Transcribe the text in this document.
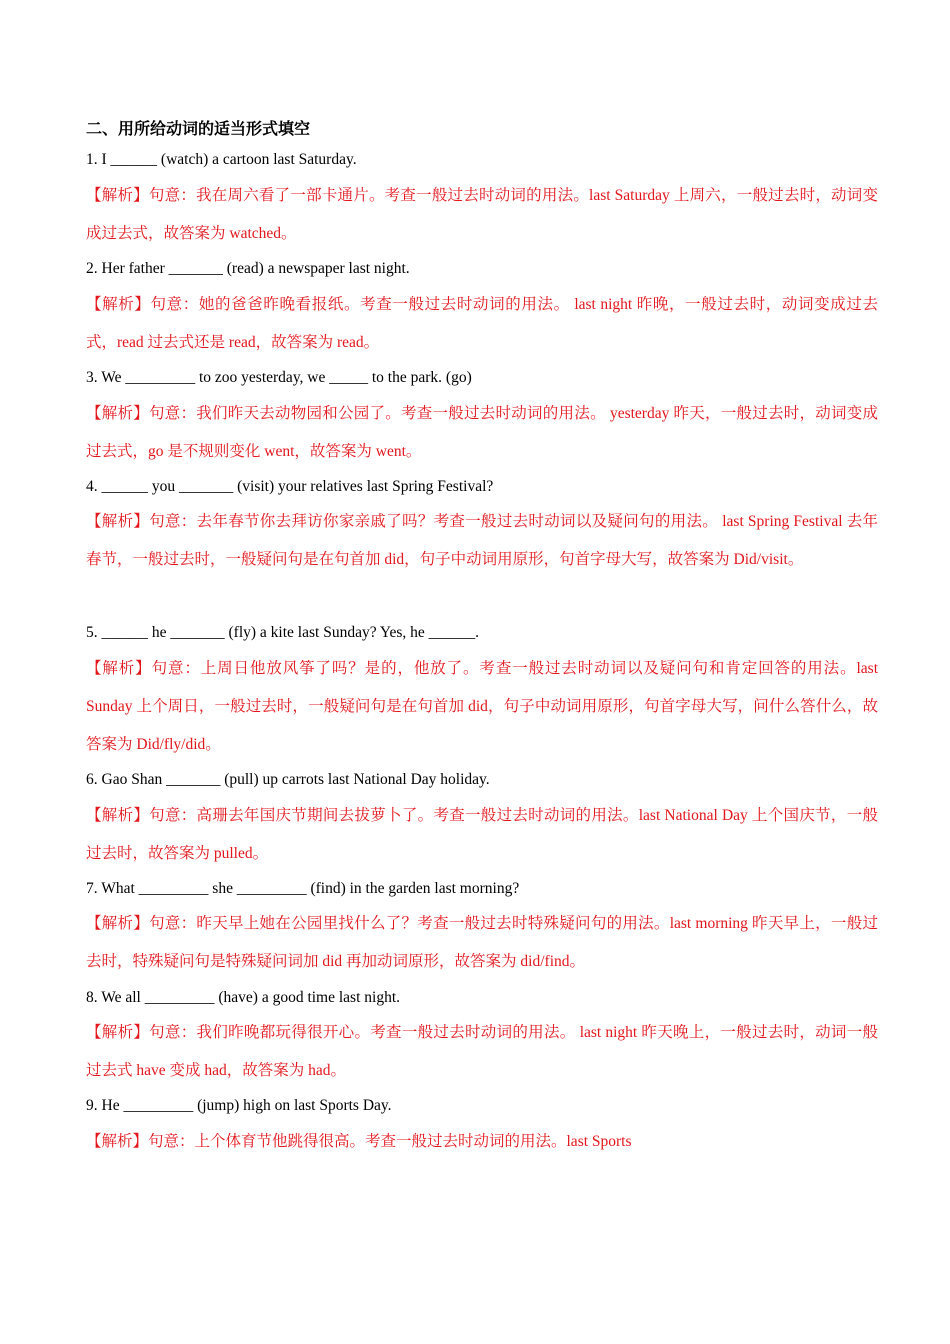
二、用所给动词的适当形式填空
1. I ______ (watch) a cartoon last Saturday.
【解析】句意：我在周六看了一部卡通片。考查一般过去时动词的用法。last Saturday 上周六，一般过去时，动词变成过去式，故答案为 watched。
2. Her father _______ (read) a newspaper last night.
【解析】句意：她的爸爸昨晚看报纸。考查一般过去时动词的用法。 last night 昨晚，一般过去时，动词变成过去式，read 过去式还是 read，故答案为 read。
3. We _________ to zoo yesterday, we _____ to the park. (go)
【解析】句意：我们昨天去动物园和公园了。考查一般过去时动词的用法。 yesterday 昨天，一般过去时，动词变成过去式，go 是不规则变化 went，故答案为 went。
4. ______ you _______ (visit) your relatives last Spring Festival?
【解析】句意：去年春节你去拜访你家亲戚了吗？考查一般过去时动词以及疑问句的用法。 last Spring Festival 去年春节，一般过去时，一般疑问句是在句首加 did，句子中动词用原形，句首字母大写，故答案为 Did/visit。
5. ______ he _______ (fly) a kite last Sunday? Yes, he ______.
【解析】句意：上周日他放风筝了吗？是的，他放了。考查一般过去时动词以及疑问句和肯定回答的用法。last Sunday 上个周日，一般过去时，一般疑问句是在句首加 did，句子中动词用原形，句首字母大写，问什么答什么，故答案为 Did/fly/did。
6. Gao Shan _______ (pull) up carrots last National Day holiday.
【解析】句意：高珊去年国庆节期间去拔萝卜了。考查一般过去时动词的用法。last National Day 上个国庆节，一般过去时，故答案为 pulled。
7. What _________ she _________ (find) in the garden last morning?
【解析】句意：昨天早上她在公园里找什么了？考查一般过去时特殊疑问句的用法。last morning 昨天早上，一般过去时，特殊疑问句是特殊疑问词加 did 再加动词原形，故答案为 did/find。
8. We all _________ (have) a good time last night.
【解析】句意：我们昨晚都玩得很开心。考查一般过去时动词的用法。 last night 昨天晚上，一般过去时，动词一般过去式 have 变成 had，故答案为 had。
9. He _________ (jump) high on last Sports Day.
【解析】句意：上个体育节他跳得很高。考查一般过去时动词的用法。last Sports
